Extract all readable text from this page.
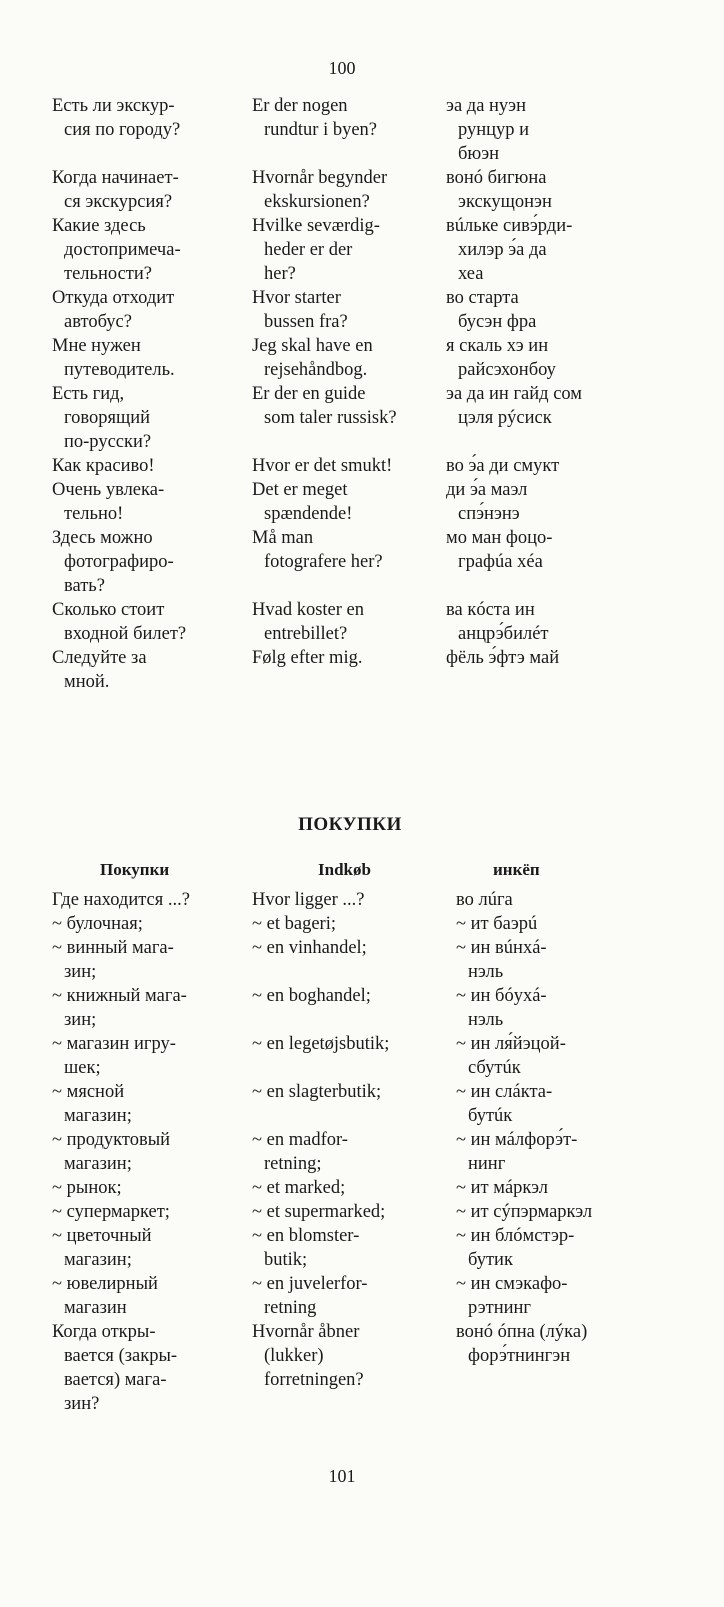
100
Есть ли экскур-
сия по городу?

Когда начинает-
ся экскурсия?
Какие здесь
достопримеча-
тельности?
Откуда отходит
автобус?
Мне нужен
путеводитель.
Есть гид,
говорящий
по-русски?
Как красиво!
Очень увлека-
тельно!
Здесь можно
фотографиро-
вать?
Сколько стоит
входной билет?
Следуйте за
мной.
Er der nogen
rundtur i byen?

Hvornår begynder
ekskursionen?
Hvilke seværdig-
heder er der
her?
Hvor starter
bussen fra?
Jeg skal have en
rejsehåndbog.
Er der en guide
som taler russisk?

Hvor er det smukt!
Det er meget
spændende!
Må man
fotografere her?

Hvad koster en
entrebillet?
Følg efter mig.
эа да нуэн
рунцур и
бюэн
вонó бигюна
экскущонэн
вúльке сивэ́рди-
хилэр э́а да
хеа
во старта
бусэн фра
я скаль хэ ин
райсэхонбоу
эа да ин гайд сом
цэля рýсиск

во э́а ди смукт
ди э́а маэл
спэ́нэнэ
мо ман фоцо-
графúа хéа

ва кóста ин
анцрэ́билéт
фёль э́фтэ май
ПОКУПКИ
Покупки	Indkøb	инкёп
Где находится ...?
~ булочная;
~ винный мага-
зин;
~ книжный мага-
зин;
~ магазин игру-
шек;
~ мясной
магазин;
~ продуктовый
магазин;
~ рынок;
~ супермаркет;
~ цветочный
магазин;
~ ювелирный
магазин
Когда откры-
вается (закры-
вается) мага-
зин?
Hvor ligger ...?
~ et bageri;
~ en vinhandel;

~ en boghandel;

~ en legetøjsbutik;

~ en slagterbutik;

~ en madfor-
retning;
~ et marked;
~ et supermarked;
~ en blomster-
butik;
~ en juvelerfor-
retning
Hvornår åbner
(lukker)
forretningen?
во лúга
~ ит баэрú
~ ин вúнхá-
нэль
~ ин бóухá-
нэль
~ ин ля́йэцой-
сбутúк
~ ин слáкта-
бутúк
~ ин мáлфорэ́т-
нинг
~ ит мáркэл
~ ит сýпэрмаркэл
~ ин блóмстэр-
бутик
~ ин смэкафо-
рэтнинг
вонó óпна (лýка)
форэ́тнингэн
101
